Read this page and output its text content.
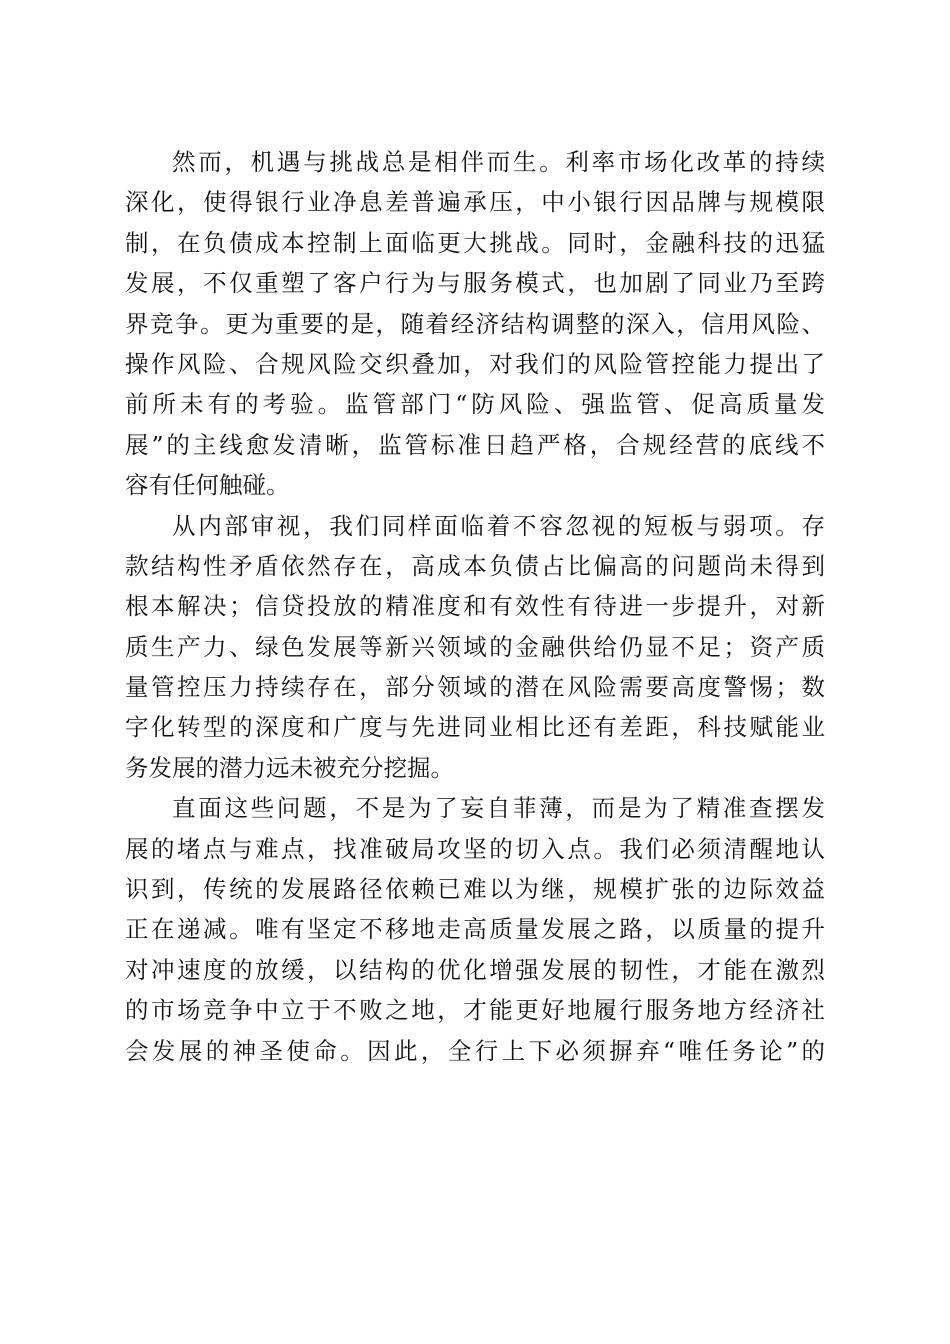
然而，机遇与挑战总是相伴而生。利率市场化改革的持续
深化，使得银行业净息差普遍承压，中小银行因品牌与规模限
制，在负债成本控制上面临更大挑战。同时，金融科技的迅猛
发展，不仅重塑了客户行为与服务模式，也加剧了同业乃至跨
界竞争。更为重要的是，随着经济结构调整的深入，信用风险、
操作风险、合规风险交织叠加，对我们的风险管控能力提出了
前所未有的考验。监管部门“防风险、强监管、促高质量发
展”的主线愈发清晰，监管标准日趋严格，合规经营的底线不
容有任何触碰。
从内部审视，我们同样面临着不容忽视的短板与弱项。存
款结构性矛盾依然存在，高成本负债占比偏高的问题尚未得到
根本解决；信贷投放的精准度和有效性有待进一步提升，对新
质生产力、绿色发展等新兴领域的金融供给仍显不足；资产质
量管控压力持续存在，部分领域的潜在风险需要高度警惕；数
字化转型的深度和广度与先进同业相比还有差距，科技赋能业
务发展的潜力远未被充分挖掘。
直面这些问题，不是为了妄自菲薄，而是为了精准查摆发
展的堵点与难点，找准破局攻坚的切入点。我们必须清醒地认
识到，传统的发展路径依赖已难以为继，规模扩张的边际效益
正在递减。唯有坚定不移地走高质量发展之路，以质量的提升
对冲速度的放缓，以结构的优化增强发展的韧性，才能在激烈
的市场竞争中立于不败之地，才能更好地履行服务地方经济社
会发展的神圣使命。因此，全行上下必须摒弃“唯任务论”的
